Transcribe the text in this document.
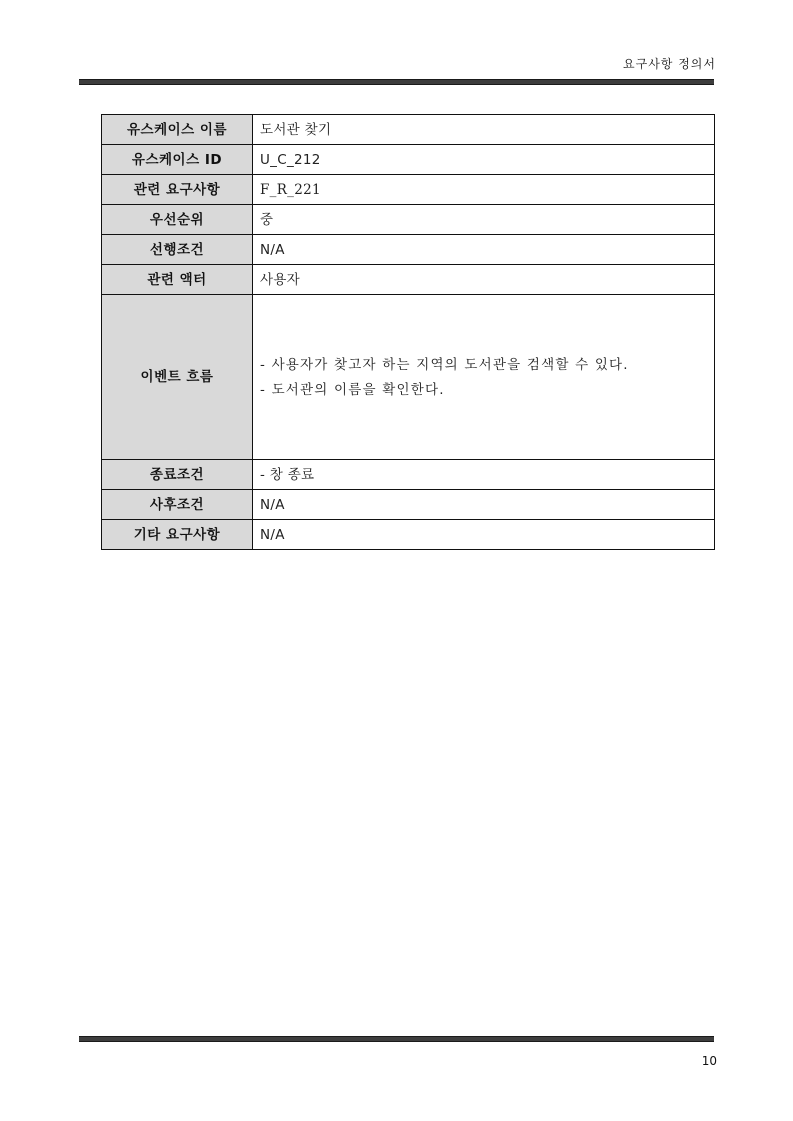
요구사항 정의서
유스케이스 이름	도서관 찾기
유스케이스 ID	U_C_212
관련 요구사항	F_R_221
우선순위	중
선행조건	N/A
관련 액터	사용자
이벤트 흐름	- 사용자가 찾고자 하는 지역의 도서관을 검색할 수 있다.
- 도서관의 이름을 확인한다.

종료조건	- 창 종료
사후조건	N/A
기타 요구사항	N/A
10
